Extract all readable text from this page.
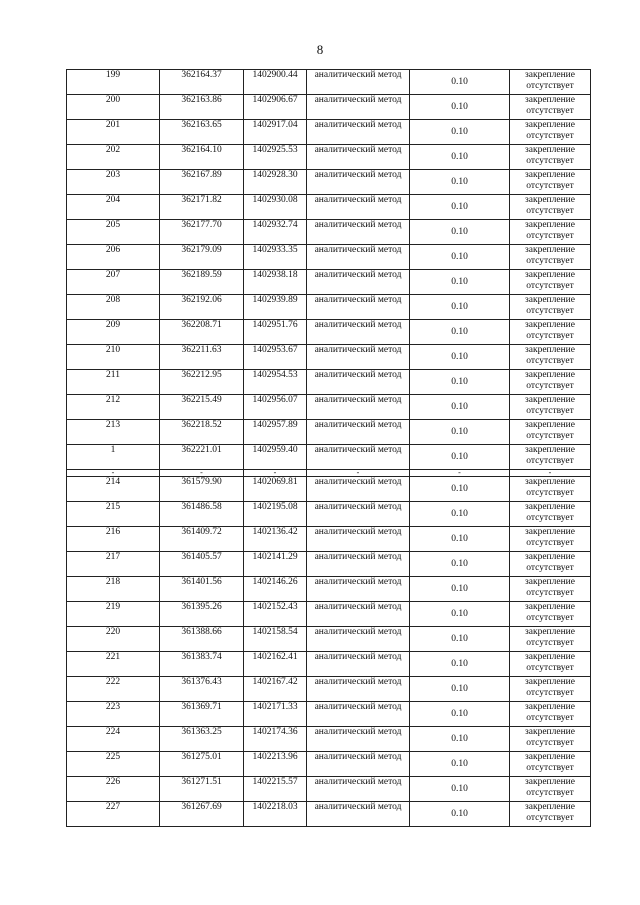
8
199	362164.37	1402900.44	аналитический метод	0.10	закрепление отсутствует
200	362163.86	1402906.67	аналитический метод	0.10	закрепление отсутствует
201	362163.65	1402917.04	аналитический метод	0.10	закрепление отсутствует
202	362164.10	1402925.53	аналитический метод	0.10	закрепление отсутствует
203	362167.89	1402928.30	аналитический метод	0.10	закрепление отсутствует
204	362171.82	1402930.08	аналитический метод	0.10	закрепление отсутствует
205	362177.70	1402932.74	аналитический метод	0.10	закрепление отсутствует
206	362179.09	1402933.35	аналитический метод	0.10	закрепление отсутствует
207	362189.59	1402938.18	аналитический метод	0.10	закрепление отсутствует
208	362192.06	1402939.89	аналитический метод	0.10	закрепление отсутствует
209	362208.71	1402951.76	аналитический метод	0.10	закрепление отсутствует
210	362211.63	1402953.67	аналитический метод	0.10	закрепление отсутствует
211	362212.95	1402954.53	аналитический метод	0.10	закрепление отсутствует
212	362215.49	1402956.07	аналитический метод	0.10	закрепление отсутствует
213	362218.52	1402957.89	аналитический метод	0.10	закрепление отсутствует
1	362221.01	1402959.40	аналитический метод	0.10	закрепление отсутствует
-	-	-	-	-	-
214	361579.90	1402069.81	аналитический метод	0.10	закрепление отсутствует
215	361486.58	1402195.08	аналитический метод	0.10	закрепление отсутствует
216	361409.72	1402136.42	аналитический метод	0.10	закрепление отсутствует
217	361405.57	1402141.29	аналитический метод	0.10	закрепление отсутствует
218	361401.56	1402146.26	аналитический метод	0.10	закрепление отсутствует
219	361395.26	1402152.43	аналитический метод	0.10	закрепление отсутствует
220	361388.66	1402158.54	аналитический метод	0.10	закрепление отсутствует
221	361383.74	1402162.41	аналитический метод	0.10	закрепление отсутствует
222	361376.43	1402167.42	аналитический метод	0.10	закрепление отсутствует
223	361369.71	1402171.33	аналитический метод	0.10	закрепление отсутствует
224	361363.25	1402174.36	аналитический метод	0.10	закрепление отсутствует
225	361275.01	1402213.96	аналитический метод	0.10	закрепление отсутствует
226	361271.51	1402215.57	аналитический метод	0.10	закрепление отсутствует
227	361267.69	1402218.03	аналитический метод	0.10	закрепление отсутствует
